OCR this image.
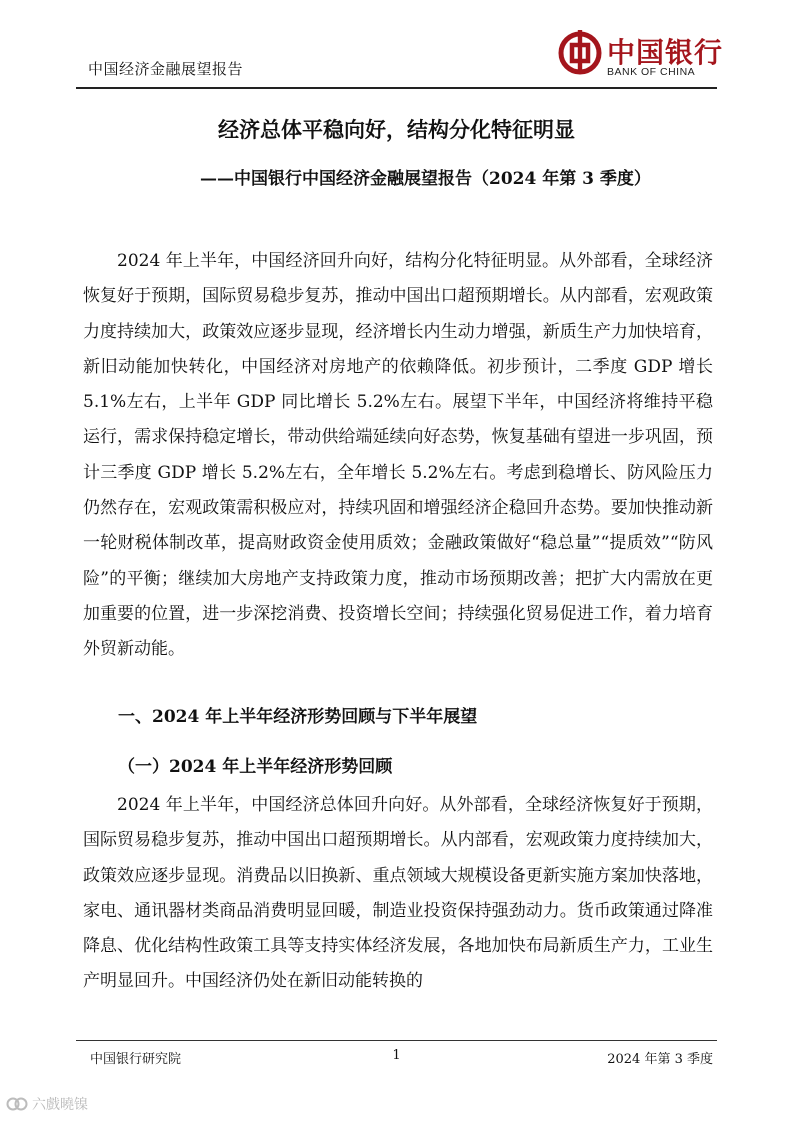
中国经济金融展望报告	中国银行
BANK OF CHINA
经济总体平稳向好，结构分化特征明显
——中国银行中国经济金融展望报告（2024 年第 3 季度）

2024 年上半年，中国经济回升向好，结构分化特征明显。从外部看，全球经济恢复好于预期，国际贸易稳步复苏，推动中国出口超预期增长。从内部看，宏观政策力度持续加大，政策效应逐步显现，经济增长内生动力增强，新质生产力加快培育，新旧动能加快转化，中国经济对房地产的依赖降低。初步预计，二季度 GDP 增长 5.1%左右，上半年 GDP 同比增长 5.2%左右。展望下半年，中国经济将维持平稳运行，需求保持稳定增长，带动供给端延续向好态势，恢复基础有望进一步巩固，预计三季度 GDP 增长 5.2%左右，全年增长 5.2%左右。考虑到稳增长、防风险压力仍然存在，宏观政策需积极应对，持续巩固和增强经济企稳回升态势。要加快推动新一轮财税体制改革，提高财政资金使用质效；金融政策做好“稳总量”“提质效”“防风险”的平衡；继续加大房地产支持政策力度，推动市场预期改善；把扩大内需放在更加重要的位置，进一步深挖消费、投资增长空间；持续强化贸易促进工作，着力培育外贸新动能。

一、2024 年上半年经济形势回顾与下半年展望
（一）2024 年上半年经济形势回顾

2024 年上半年，中国经济总体回升向好。从外部看，全球经济恢复好于预期，国际贸易稳步复苏，推动中国出口超预期增长。从内部看，宏观政策力度持续加大，政策效应逐步显现。消费品以旧换新、重点领域大规模设备更新实施方案加快落地，家电、通讯器材类商品消费明显回暖，制造业投资保持强劲动力。货币政策通过降准降息、优化结构性政策工具等支持实体经济发展，各地加快布局新质生产力，工业生产明显回升。中国经济仍处在新旧动能转换的

中国银行研究院	1	2024 年第 3 季度
六戲曉镍
